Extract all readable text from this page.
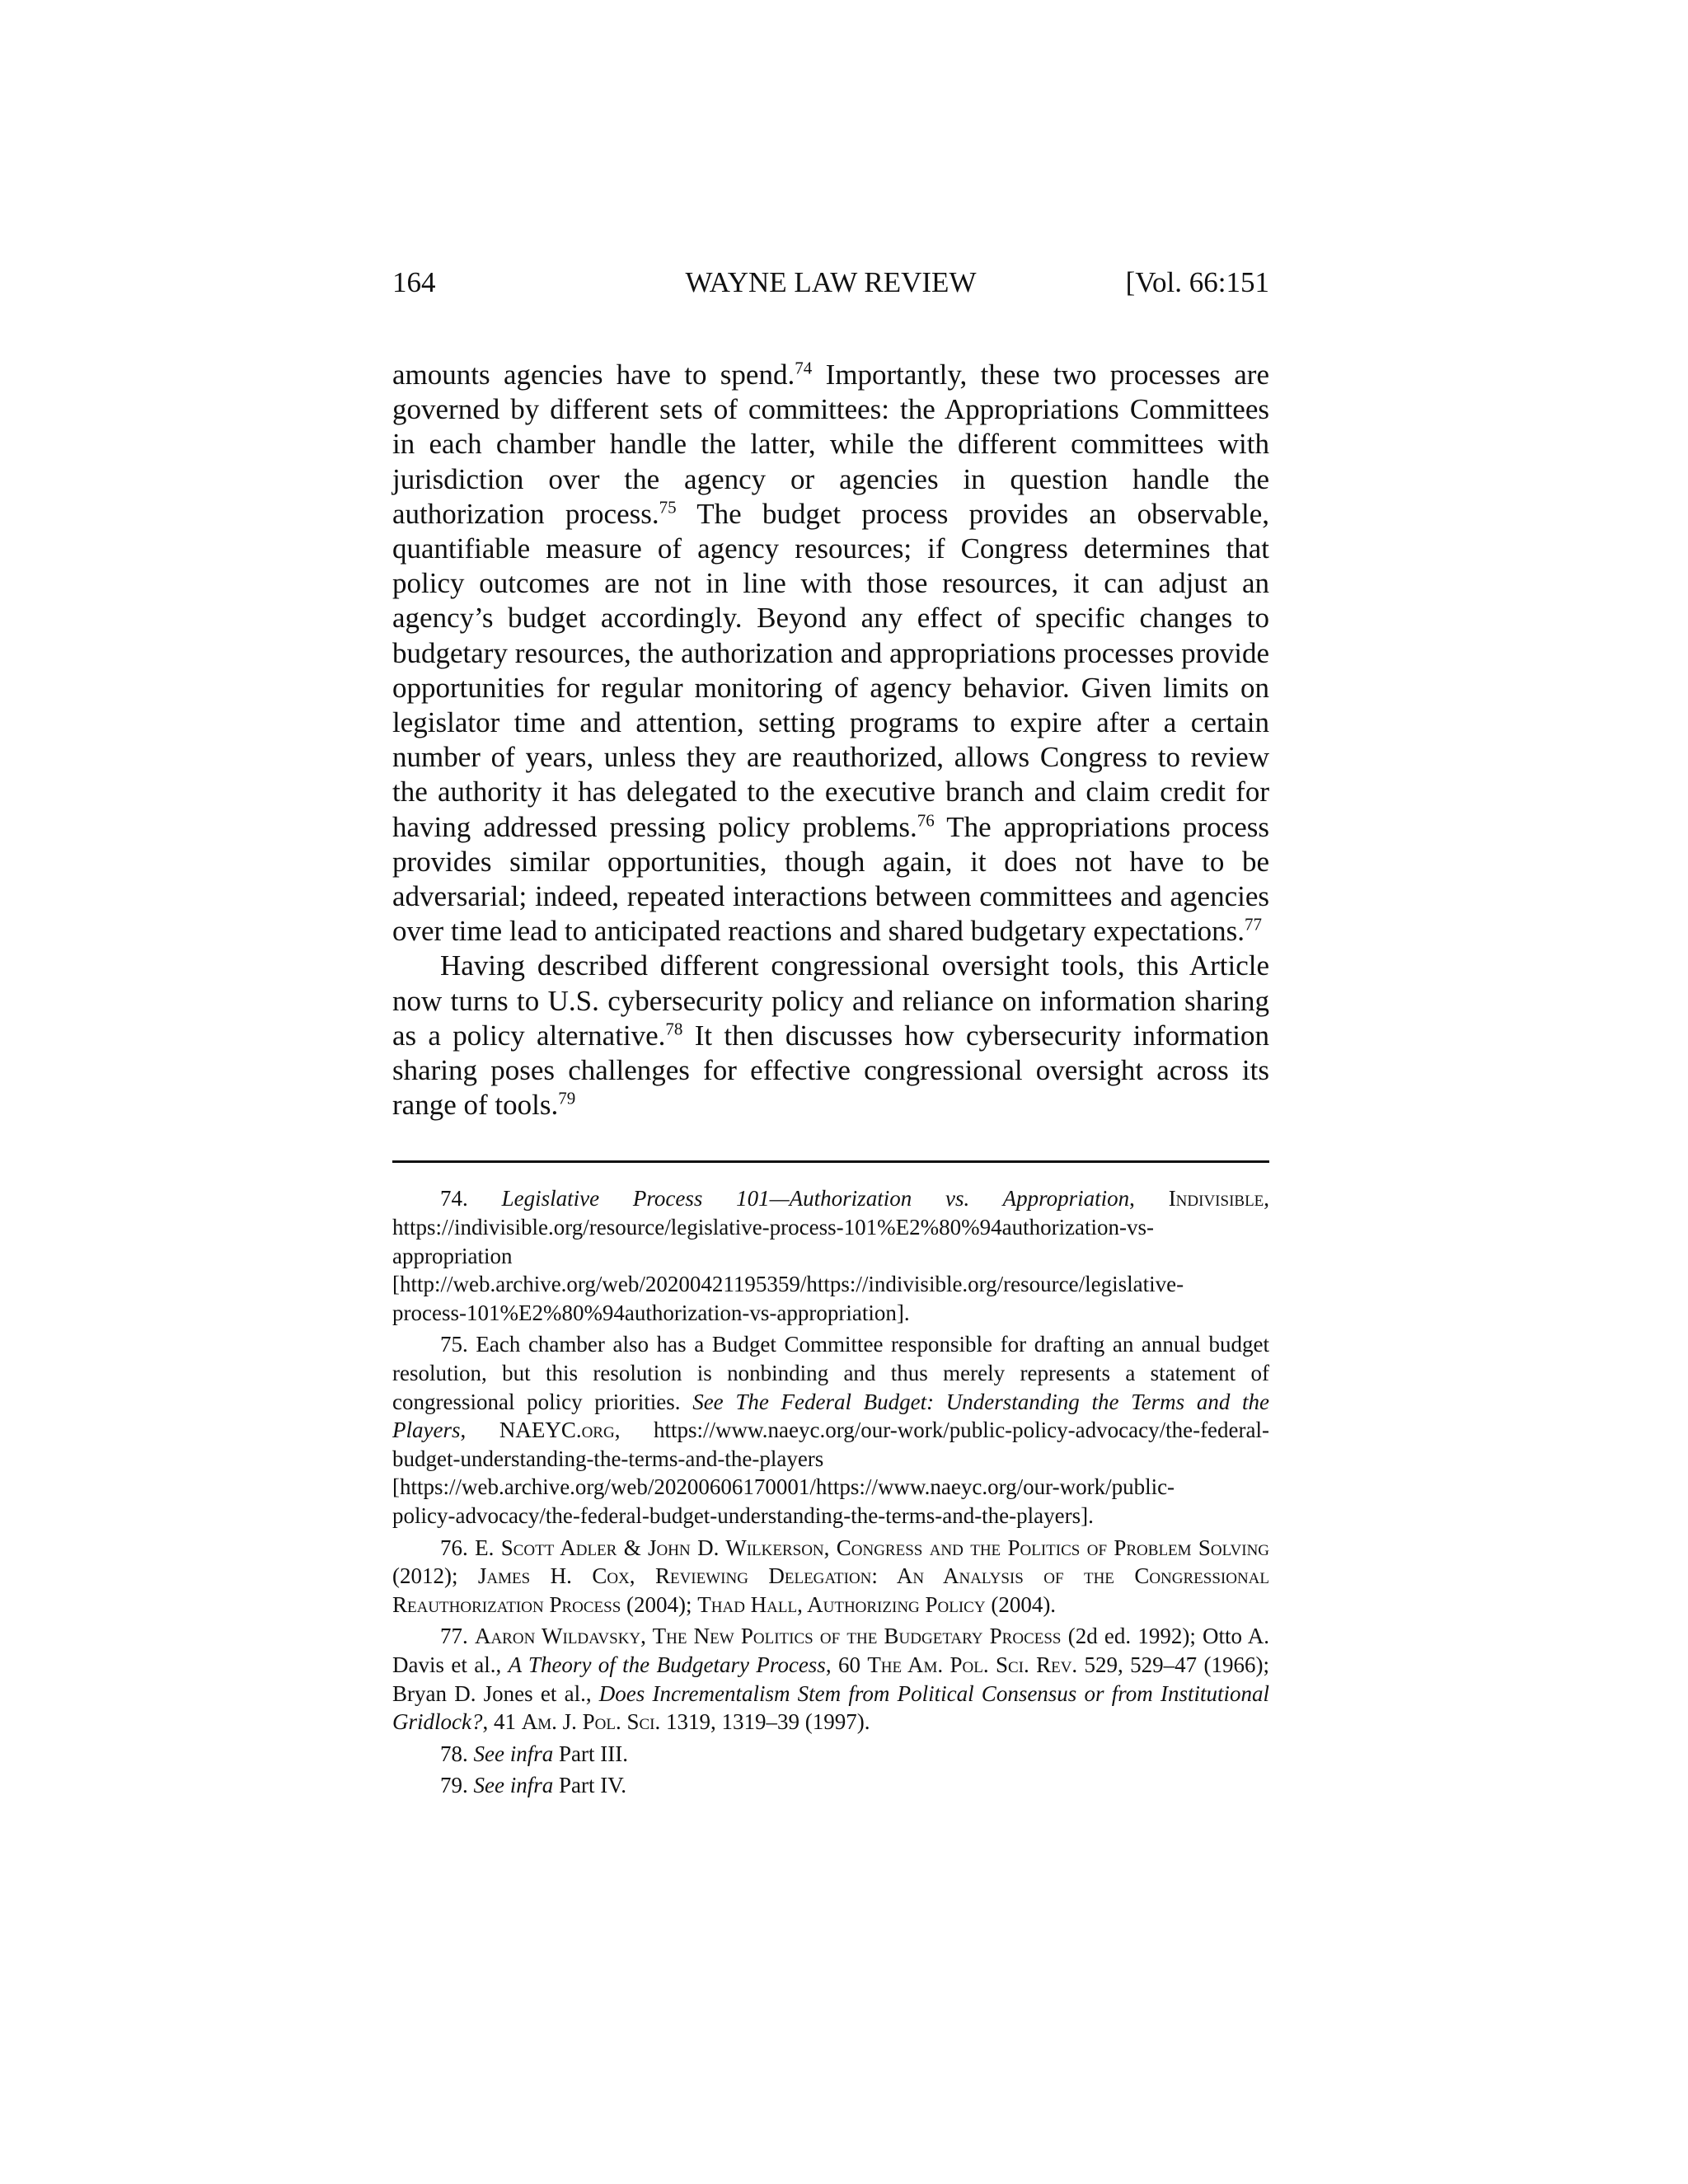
164	WAYNE LAW REVIEW	[Vol. 66:151

amounts agencies have to spend.$^{74}$ Importantly, these two processes are governed by different sets of committees: the Appropriations Committees in each chamber handle the latter, while the different committees with jurisdiction over the agency or agencies in question handle the authorization process.$^{75}$ The budget process provides an observable, quantifiable measure of agency resources; if Congress determines that policy outcomes are not in line with those resources, it can adjust an agency’s budget accordingly. Beyond any effect of specific changes to budgetary resources, the authorization and appropriations processes provide opportunities for regular monitoring of agency behavior. Given limits on legislator time and attention, setting programs to expire after a certain number of years, unless they are reauthorized, allows Congress to review the authority it has delegated to the executive branch and claim credit for having addressed pressing policy problems.$^{76}$ The appropriations process provides similar opportunities, though again, it does not have to be adversarial; indeed, repeated interactions between committees and agencies over time lead to anticipated reactions and shared budgetary expectations.$^{77}$

Having described different congressional oversight tools, this Article now turns to U.S. cybersecurity policy and reliance on information sharing as a policy alternative.$^{78}$ It then discusses how cybersecurity information sharing poses challenges for effective congressional oversight across its range of tools.$^{79}$

74. Legislative Process 101—Authorization vs. Appropriation, Indivisible, https://indivisible.org/resource/legislative-process-101%E2%80%94authorization-vs-appropriation
[http://web.archive.org/web/20200421195359/https://indivisible.org/resource/legislative-
process-101%E2%80%94authorization-vs-appropriation].
75. Each chamber also has a Budget Committee responsible for drafting an annual budget resolution, but this resolution is nonbinding and thus merely represents a statement of congressional policy priorities. See The Federal Budget: Understanding the Terms and the Players, NAEYC.org, https://www.naeyc.org/our-work/public-policy-advocacy/the-federal-budget-understanding-the-terms-and-the-players
[https://web.archive.org/web/20200606170001/https://www.naeyc.org/our-work/public-
policy-advocacy/the-federal-budget-understanding-the-terms-and-the-players].
76. E. Scott Adler & John D. Wilkerson, Congress and the Politics of Problem Solving (2012); James H. Cox, Reviewing Delegation: An Analysis of the Congressional Reauthorization Process (2004); Thad Hall, Authorizing Policy (2004).
77. Aaron Wildavsky, The New Politics of the Budgetary Process (2d ed. 1992); Otto A. Davis et al., A Theory of the Budgetary Process, 60 The Am. Pol. Sci. Rev. 529, 529–47 (1966); Bryan D. Jones et al., Does Incrementalism Stem from Political Consensus or from Institutional Gridlock?, 41 Am. J. Pol. Sci. 1319, 1319–39 (1997).
78. See infra Part III.
79. See infra Part IV.
